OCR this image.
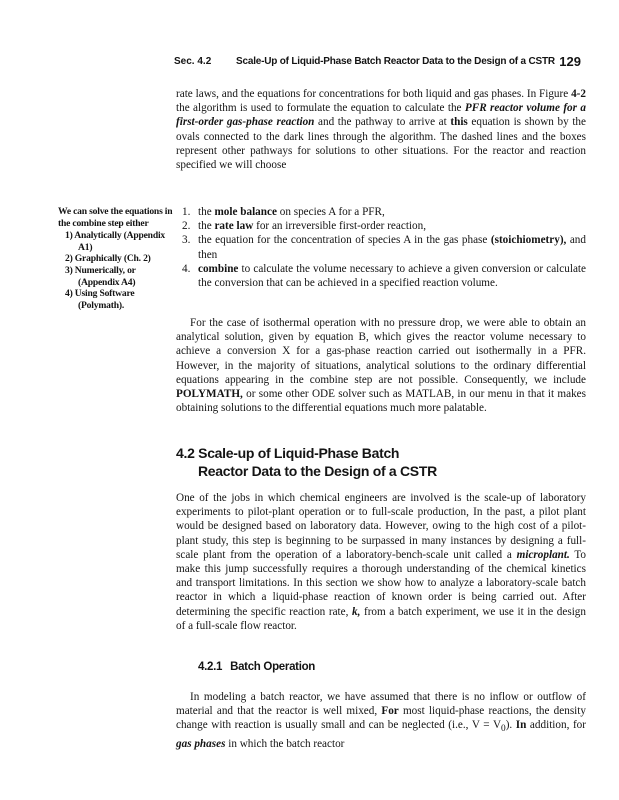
Sec. 4.2 Scale-Up of Liquid-Phase Batch Reactor Data to the Design of a CSTR 129

rate laws, and the equations for concentrations for both liquid and gas phases. In Figure 4-2 the algorithm is used to formulate the equation to calculate the PFR reactor volume for a first-order gas-phase reaction and the pathway to arrive at this equation is shown by the ovals connected to the dark lines through the algorithm. The dashed lines and the boxes represent other pathways for solutions to other situations. For the reactor and reaction specified we will choose

1. the mole balance on species A for a PFR,
2. the rate law for an irreversible first-order reaction,
3. the equation for the concentration of species A in the gas phase (stoichiometry), and then
4. combine to calculate the volume necessary to achieve a given conversion or calculate the conversion that can be achieved in a specified reaction volume.

We can solve the equations in the combine step either

1) Analytically (Appendix A1)
2) Graphically (Ch. 2)
3) Numerically, or (Appendix A4)
4) Using Software (Polymath).

For the case of isothermal operation with no pressure drop, we were able to obtain an analytical solution, given by equation B, which gives the reactor volume necessary to achieve a conversion X for a gas-phase reaction carried out isothermally in a PFR. However, in the majority of situations, analytical solutions to the ordinary differential equations appearing in the combine step are not possible. Consequently, we include POLYMATH, or some other ODE solver such as MATLAB, in our menu in that it makes obtaining solutions to the differential equations much more palatable.

4.2 Scale-up of Liquid-Phase Batch
Reactor Data to the Design of a CSTR

One of the jobs in which chemical engineers are involved is the scale-up of laboratory experiments to pilot-plant operation or to full-scale production, In the past, a pilot plant would be designed based on laboratory data. However, owing to the high cost of a pilot-plant study, this step is beginning to be surpassed in many instances by designing a full-scale plant from the operation of a laboratory-bench-scale unit called a microplant. To make this jump successfully requires a thorough understanding of the chemical kinetics and transport limitations. In this section we show how to analyze a laboratory-scale batch reactor in which a liquid-phase reaction of known order is being carried out. After determining the specific reaction rate, k, from a batch experiment, we use it in the design of a full-scale flow reactor.

4.2.1 Batch Operation

In modeling a batch reactor, we have assumed that there is no inflow or outflow of material and that the reactor is well mixed, For most liquid-phase reactions, the density change with reaction is usually small and can be neglected (i.e., $V = V_0$). In addition, for gas phases in which the batch reactor
